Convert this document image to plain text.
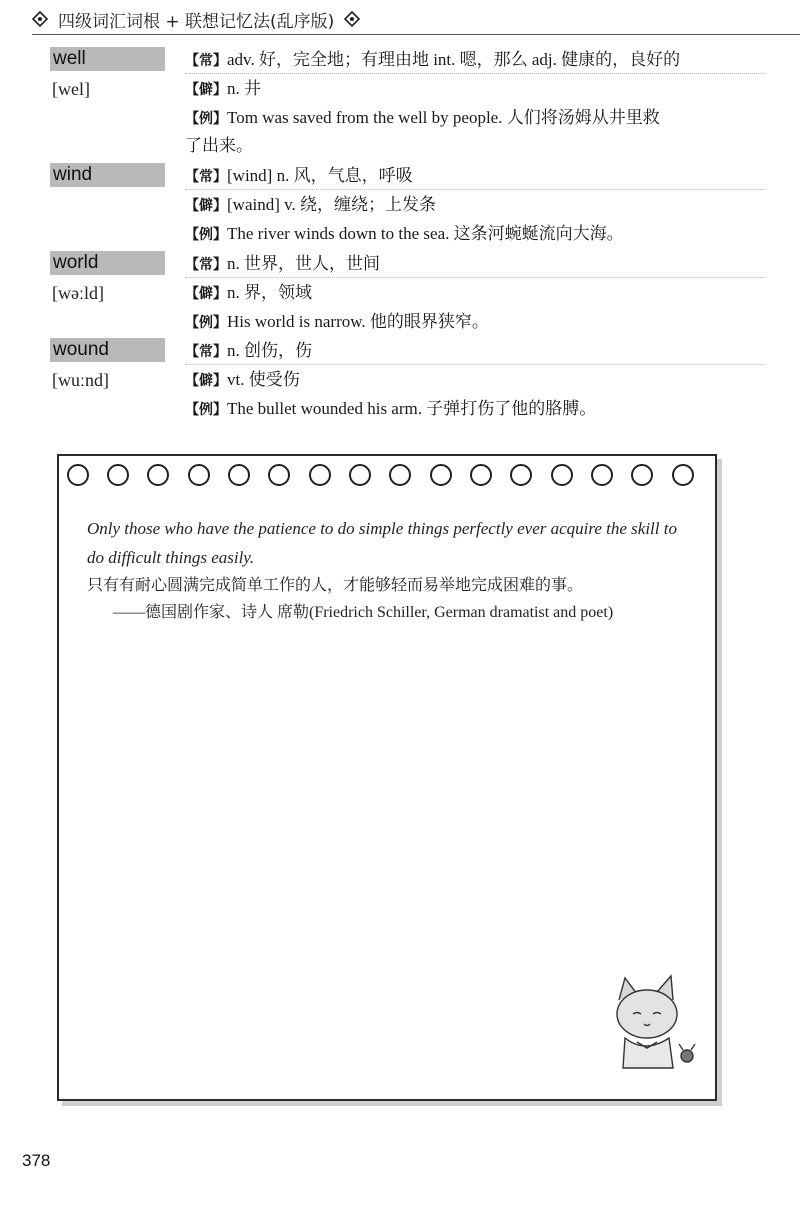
四级词汇词根 + 联想记忆法(乱序版)
well	【常】adv. 好，完全地；有理由地 int. 嗯，那么 adj. 健康的，良好的
[wel]	【僻】n. 井
【例】Tom was saved from the well by people. 人们将汤姆从井里救
了出来。
wind	【常】[wind] n. 风，气息，呼吸
【僻】[waind] v. 绕，缠绕；上发条
【例】The river winds down to the sea. 这条河蜿蜒流向大海。
world	【常】n. 世界，世人，世间
[wəːld]	【僻】n. 界，领域
【例】His world is narrow. 他的眼界狭窄。
wound	【常】n. 创伤，伤
[wuːnd]	【僻】vt. 使受伤
【例】The bullet wounded his arm. 子弹打伤了他的胳膊。
Only those who have the patience to do simple things perfectly ever acquire the skill to do difficult things easily.
只有有耐心圆满完成简单工作的人，才能够轻而易举地完成困难的事。
——德国剧作家、诗人 席勒(Friedrich Schiller, German dramatist and poet)
378
